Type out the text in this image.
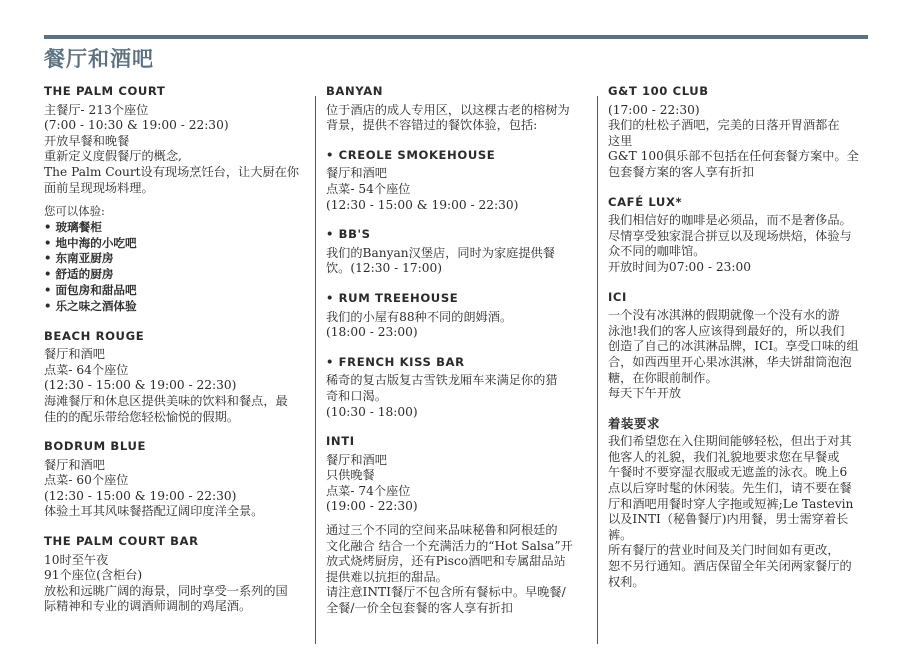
餐厅和酒吧
THE PALM COURT
主餐厅- 213个座位
(7:00 - 10:30 & 19:00 - 22:30)
开放早餐和晚餐
重新定义度假餐厅的概念,
The Palm Court设有现场烹饪台，让大厨在你
面前呈现现场料理。
您可以体验:
• 玻璃餐柜
• 地中海的小吃吧
• 东南亚厨房
• 舒适的厨房
• 面包房和甜品吧
• 乐之味之酒体验
BEACH ROUGE
餐厅和酒吧
点菜- 64个座位
(12:30 - 15:00 & 19:00 - 22:30)
海滩餐厅和休息区提供美味的饮料和餐点，最
佳的的配乐带给您轻松愉悦的假期。
BODRUM BLUE
餐厅和酒吧
点菜- 60个座位
(12:30 - 15:00 & 19:00 - 22:30)
体验土耳其风味餐搭配辽阔印度洋全景。
THE PALM COURT BAR
10时至午夜
91个座位(含柜台)
放松和远眺广阔的海景，同时享受一系列的国
际精神和专业的调酒师调制的鸡尾酒。
BANYAN
位于酒店的成人专用区，以这棵古老的榕树为
背景，提供不容错过的餐饮体验，包括:
• CREOLE SMOKEHOUSE
餐厅和酒吧
点菜- 54个座位
(12:30 - 15:00 & 19:00 - 22:30)
• BB'S
我们的Banyan汉堡店，同时为家庭提供餐
饮。(12:30 - 17:00)
• RUM TREEHOUSE
我们的小屋有88种不同的朗姆酒。
(18:00 - 23:00)
• FRENCH KISS BAR
稀奇的复古版复古雪铁龙厢车来满足你的猎
奇和口渴。
(10:30 - 18:00)
INTI
餐厅和酒吧
只供晚餐
点菜- 74个座位
(19:00 - 22:30)
通过三个不同的空间来品味秘鲁和阿根廷的
文化融合 结合一个充满活力的“Hot Salsa”开
放式烧烤厨房，还有Pisco酒吧和专属甜品站
提供难以抗拒的甜品。
请注意INTI餐厅不包含所有餐标中。早晚餐/
全餐/一价全包套餐的客人享有折扣
G&T 100 CLUB
(17:00 - 22:30)
我们的杜松子酒吧，完美的日落开胃酒都在
这里
G&T 100俱乐部不包括在任何套餐方案中。全
包套餐方案的客人享有折扣
CAFÉ LUX*
我们相信好的咖啡是必须品，而不是奢侈品。
尽情享受独家混合拼豆以及现场烘焙，体验与
众不同的咖啡馆。
开放时间为07:00 - 23:00
ICI
一个没有冰淇淋的假期就像一个没有水的游
泳池!我们的客人应该得到最好的，所以我们
创造了自己的冰淇淋品牌，ICI。享受口味的组
合，如西西里开心果冰淇淋，华夫饼甜筒泡泡
糖，在你眼前制作。
每天下午开放
着装要求
我们希望您在入住期间能够轻松，但出于对其
他客人的礼貌，我们礼貌地要求您在早餐或
午餐时不要穿湿衣服或无遮盖的泳衣。晚上6
点以后穿时髦的休闲装。先生们，请不要在餐
厅和酒吧用餐时穿人字拖或短裤;Le Tastevin
以及INTI（秘鲁餐厅)内用餐，男士需穿着长
裤。
所有餐厅的营业时间及关门时间如有更改，
恕不另行通知。酒店保留全年关闭两家餐厅的
权利。
